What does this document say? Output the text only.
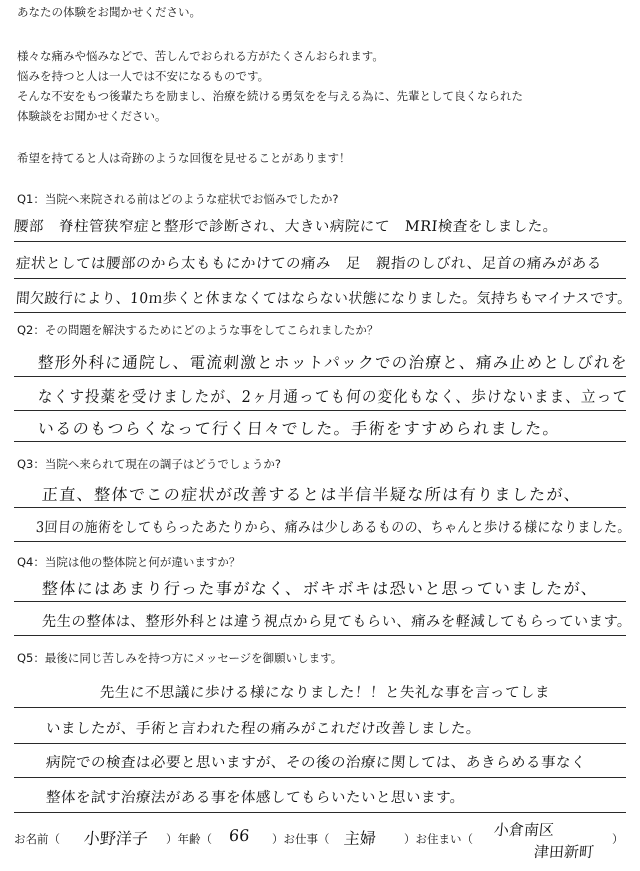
あなたの体験をお聞かせください。
様々な痛みや悩みなどで、苦しんでおられる方がたくさんおられます。
悩みを持つと人は一人では不安になるものです。
そんな不安をもつ後輩たちを励まし、治療を続ける勇気をを与える為に、先輩として良くなられた
体験談をお聞かせください。
希望を持てると人は奇跡のような回復を見せることがあります！
Q1：当院へ来院される前はどのような症状でお悩みでしたか?
腰部　脊柱管狭窄症と整形で診断され、大きい病院にて　MRI検査をしました。
症状としては腰部のから太ももにかけての痛み　足　親指のしびれ、足首の痛みがある
間欠跛行により、10ｍ歩くと休まなくてはならない状態になりました。気持ちもマイナスです。
Q2：その問題を解決するためにどのような事をしてこられましたか？
整形外科に通院し、電流刺激とホットパックでの治療と、痛み止めとしびれを
なくす投薬を受けましたが、2ヶ月通っても何の変化もなく、歩けないまま、立って
いるのもつらくなって行く日々でした。手術をすすめられました。
Q3：当院へ来られて現在の調子はどうでしょうか?
正直、整体でこの症状が改善するとは半信半疑な所は有りましたが、
3回目の施術をしてもらったあたりから、痛みは少しあるものの、ちゃんと歩ける様になりました。
Q4：当院は他の整体院と何が違いますか？
整体にはあまり行った事がなく、ボキボキは恐いと思っていましたが、
先生の整体は、整形外科とは違う視点から見てもらい、痛みを軽減してもらっています。
Q5：最後に同じ苦しみを持つ方にメッセージを御願いします。
先生に不思議に歩ける様になりました！！と失礼な事を言ってしま
いましたが、手術と言われた程の痛みがこれだけ改善しました。
病院での検査は必要と思いますが、その後の治療に関しては、あきらめる事なく
整体を試す治療法がある事を体感してもらいたいと思います。
お名前（ 小野洋子 ）年齢（ 66 ）お仕事（ 主婦 ）お住まい（ 小倉南区
津田新町
）
